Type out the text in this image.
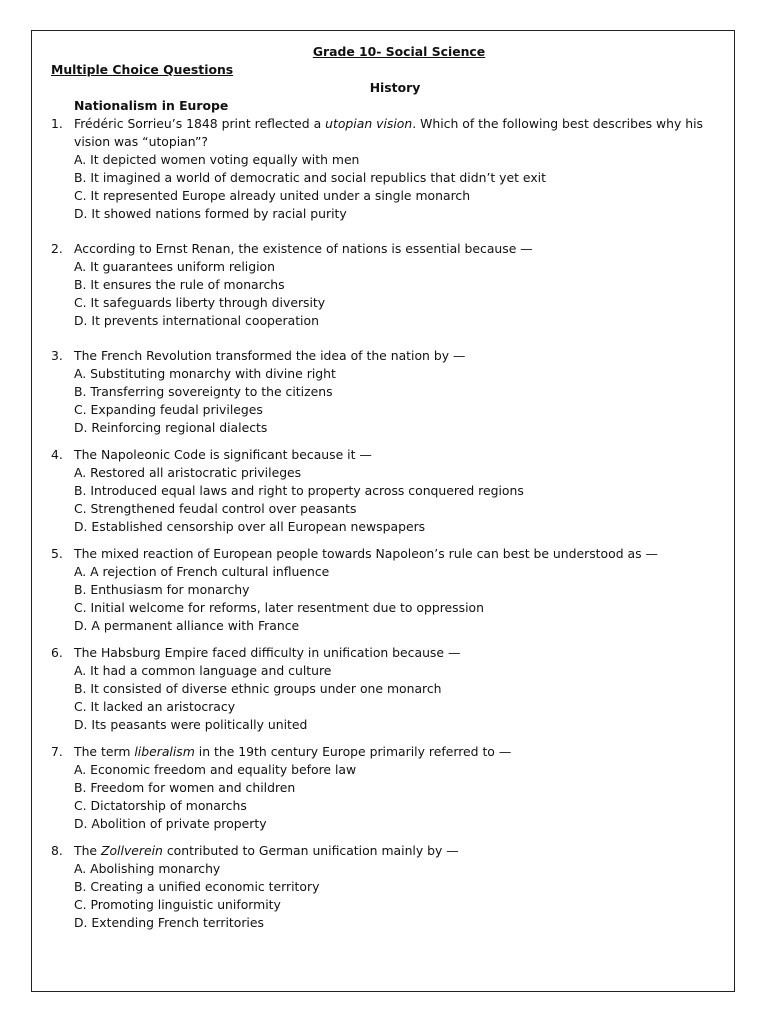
Grade 10- Social Science
Multiple Choice Questions
History
Nationalism in Europe
1. Frédéric Sorrieu’s 1848 print reflected a utopian vision. Which of the following best describes why his vision was “utopian”?

A. It depicted women voting equally with men
B. It imagined a world of democratic and social republics that didn’t yet exit
C. It represented Europe already united under a single monarch
D. It showed nations formed by racial purity
2. According to Ernst Renan, the existence of nations is essential because —

A. It guarantees uniform religion
B. It ensures the rule of monarchs
C. It safeguards liberty through diversity
D. It prevents international cooperation
3. The French Revolution transformed the idea of the nation by —

A. Substituting monarchy with divine right
B. Transferring sovereignty to the citizens
C. Expanding feudal privileges
D. Reinforcing regional dialects
4. The Napoleonic Code is significant because it —

A. Restored all aristocratic privileges
B. Introduced equal laws and right to property across conquered regions
C. Strengthened feudal control over peasants
D. Established censorship over all European newspapers
5. The mixed reaction of European people towards Napoleon’s rule can best be understood as —

A. A rejection of French cultural influence
B. Enthusiasm for monarchy
C. Initial welcome for reforms, later resentment due to oppression
D. A permanent alliance with France
6. The Habsburg Empire faced difficulty in unification because —

A. It had a common language and culture
B. It consisted of diverse ethnic groups under one monarch
C. It lacked an aristocracy
D. Its peasants were politically united
7. The term liberalism in the 19th century Europe primarily referred to —

A. Economic freedom and equality before law
B. Freedom for women and children
C. Dictatorship of monarchs
D. Abolition of private property
8. The Zollverein contributed to German unification mainly by —

A. Abolishing monarchy
B. Creating a unified economic territory
C. Promoting linguistic uniformity
D. Extending French territories
